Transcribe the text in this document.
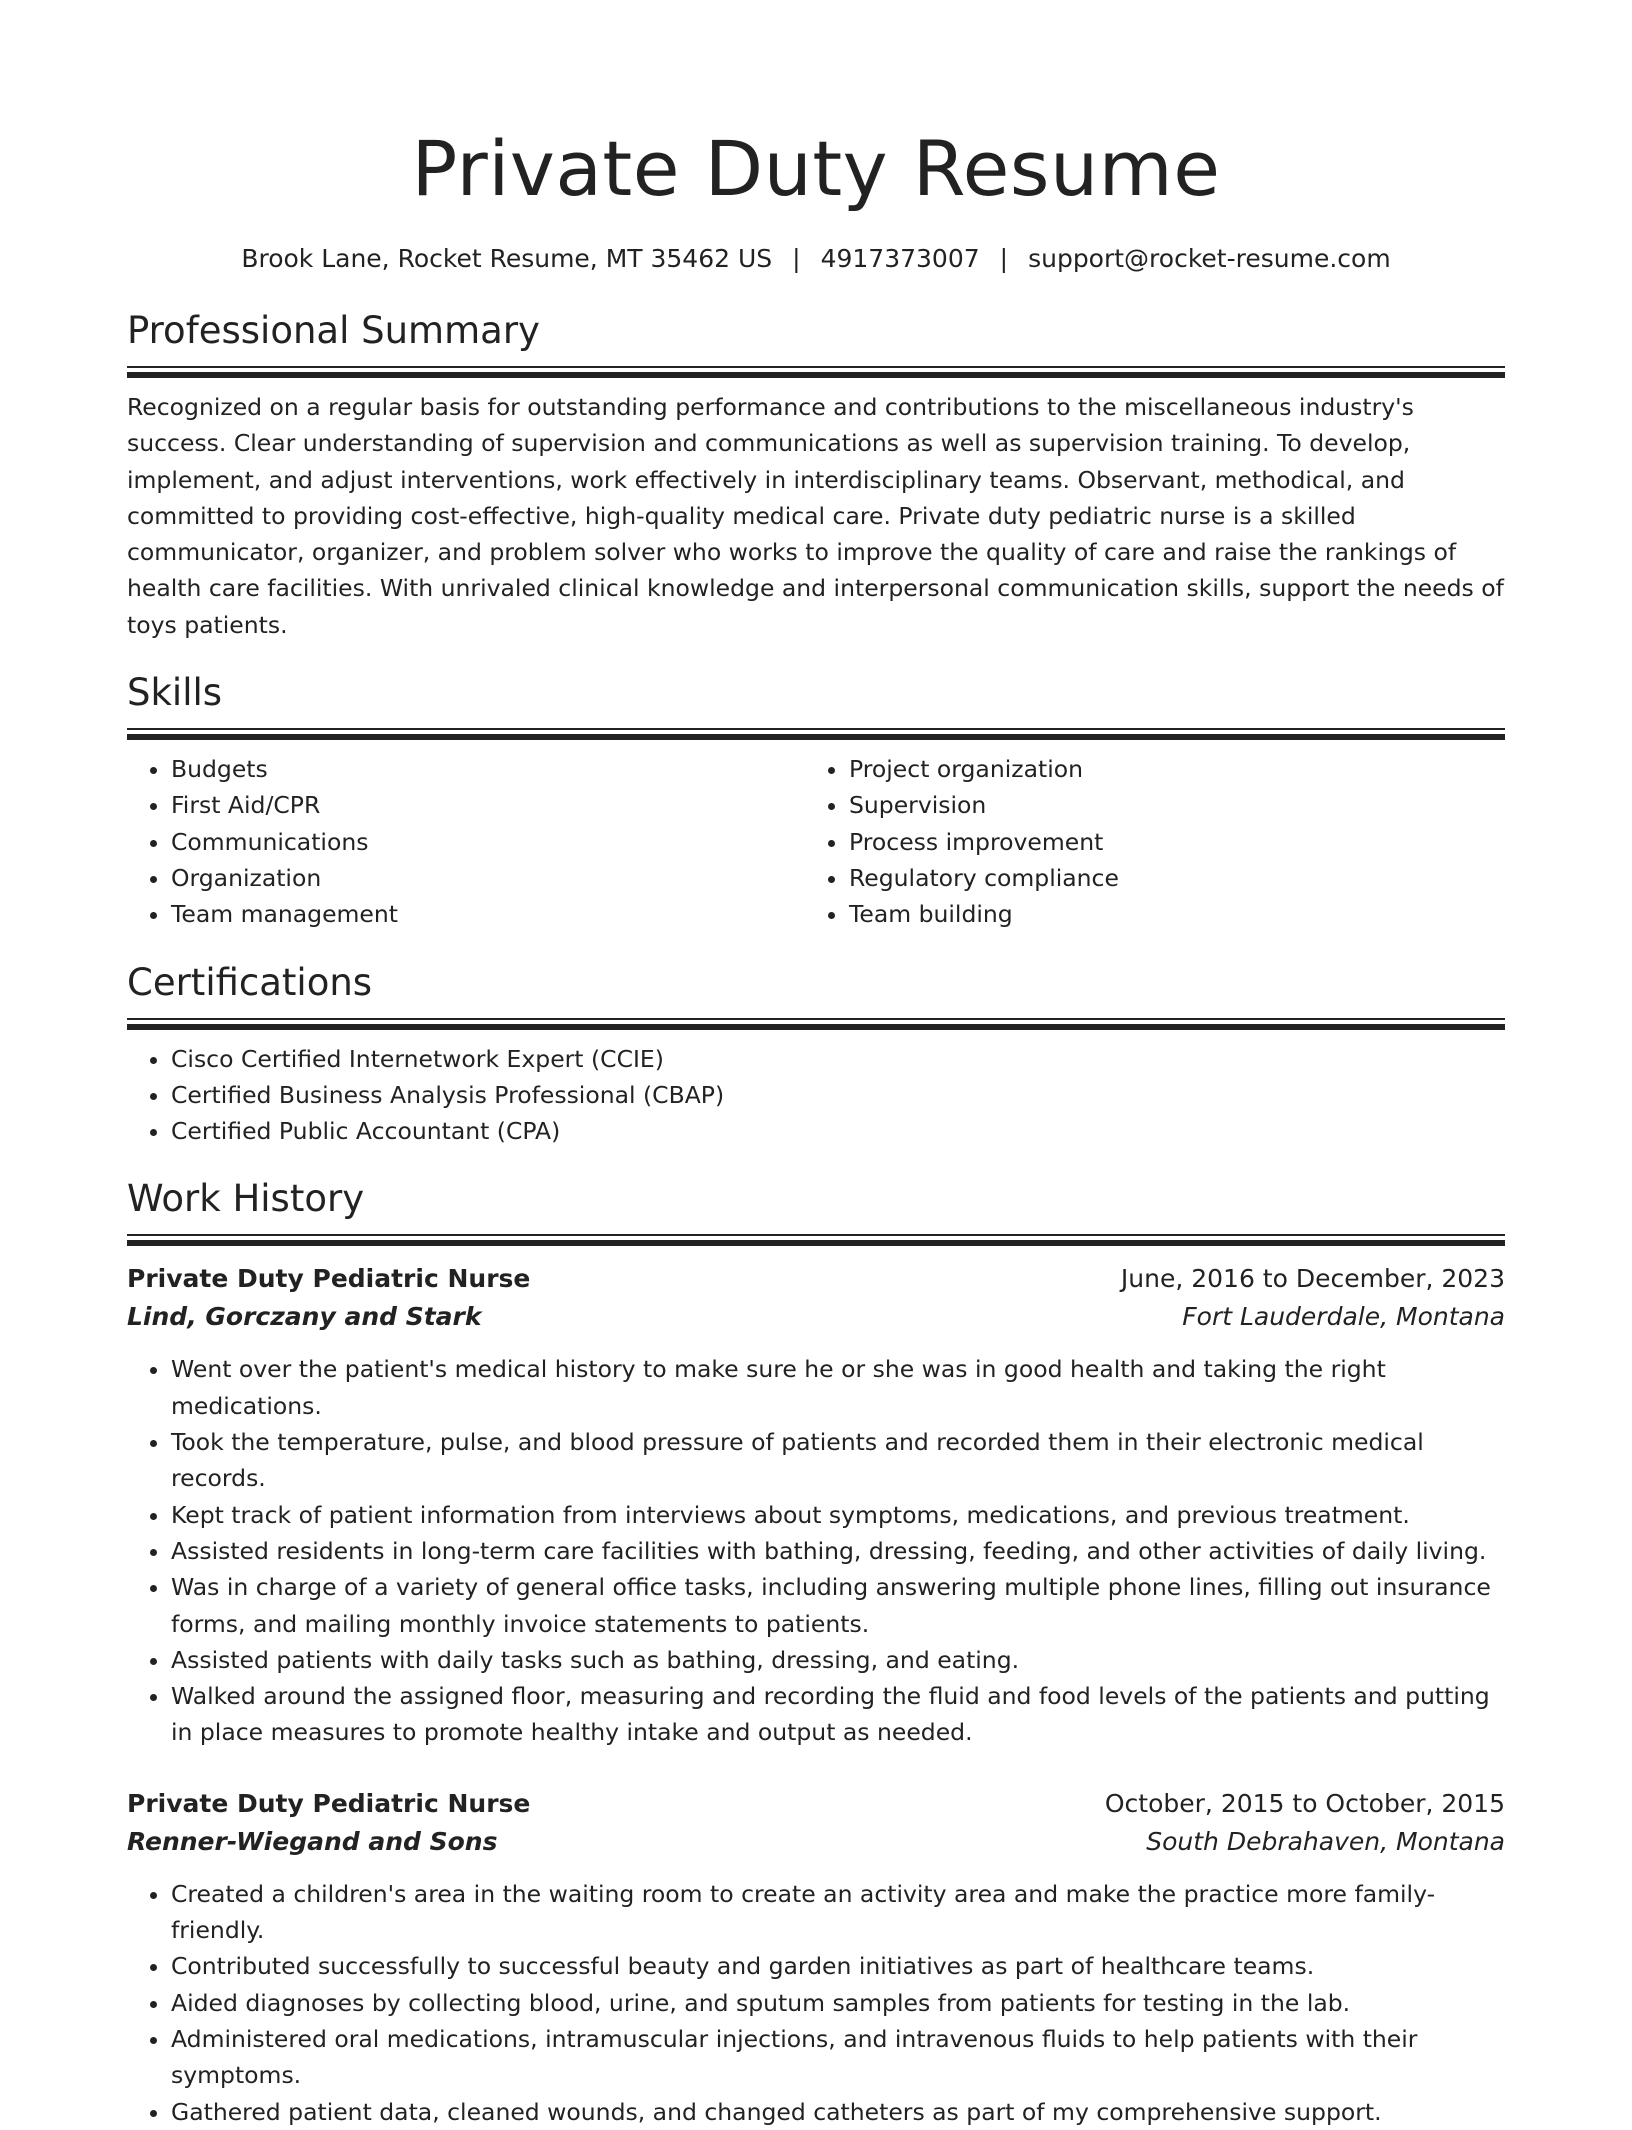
Private Duty Resume
Brook Lane, Rocket Resume, MT 35462 US | 4917373007 | support@rocket-resume.com
Professional Summary

Recognized on a regular basis for outstanding performance and contributions to the miscellaneous industry's success. Clear understanding of supervision and communications as well as supervision training. To develop, implement, and adjust interventions, work effectively in interdisciplinary teams. Observant, methodical, and committed to providing cost-effective, high-quality medical care. Private duty pediatric nurse is a skilled communicator, organizer, and problem solver who works to improve the quality of care and raise the rankings of health care facilities. With unrivaled clinical knowledge and interpersonal communication skills, support the needs of toys patients.

Skills
• Budgets
• First Aid/CPR
• Communications
• Organization
• Team management
• Project organization
• Supervision
• Process improvement
• Regulatory compliance
• Team building
Certifications
• Cisco Certified Internetwork Expert (CCIE)
• Certified Business Analysis Professional (CBAP)
• Certified Public Accountant (CPA)
Work History
Private Duty Pediatric Nurse	June, 2016 to December, 2023
Lind, Gorczany and Stark	Fort Lauderdale, Montana
• Went over the patient's medical history to make sure he or she was in good health and taking the right medications.
• Took the temperature, pulse, and blood pressure of patients and recorded them in their electronic medical records.
• Kept track of patient information from interviews about symptoms, medications, and previous treatment.
• Assisted residents in long-term care facilities with bathing, dressing, feeding, and other activities of daily living.
• Was in charge of a variety of general office tasks, including answering multiple phone lines, filling out insurance forms, and mailing monthly invoice statements to patients.
• Assisted patients with daily tasks such as bathing, dressing, and eating.
• Walked around the assigned floor, measuring and recording the fluid and food levels of the patients and putting in place measures to promote healthy intake and output as needed.
Private Duty Pediatric Nurse	October, 2015 to October, 2015
Renner-Wiegand and Sons	South Debrahaven, Montana
• Created a children's area in the waiting room to create an activity area and make the practice more family-friendly.
• Contributed successfully to successful beauty and garden initiatives as part of healthcare teams.
• Aided diagnoses by collecting blood, urine, and sputum samples from patients for testing in the lab.
• Administered oral medications, intramuscular injections, and intravenous fluids to help patients with their symptoms.
• Gathered patient data, cleaned wounds, and changed catheters as part of my comprehensive support.
